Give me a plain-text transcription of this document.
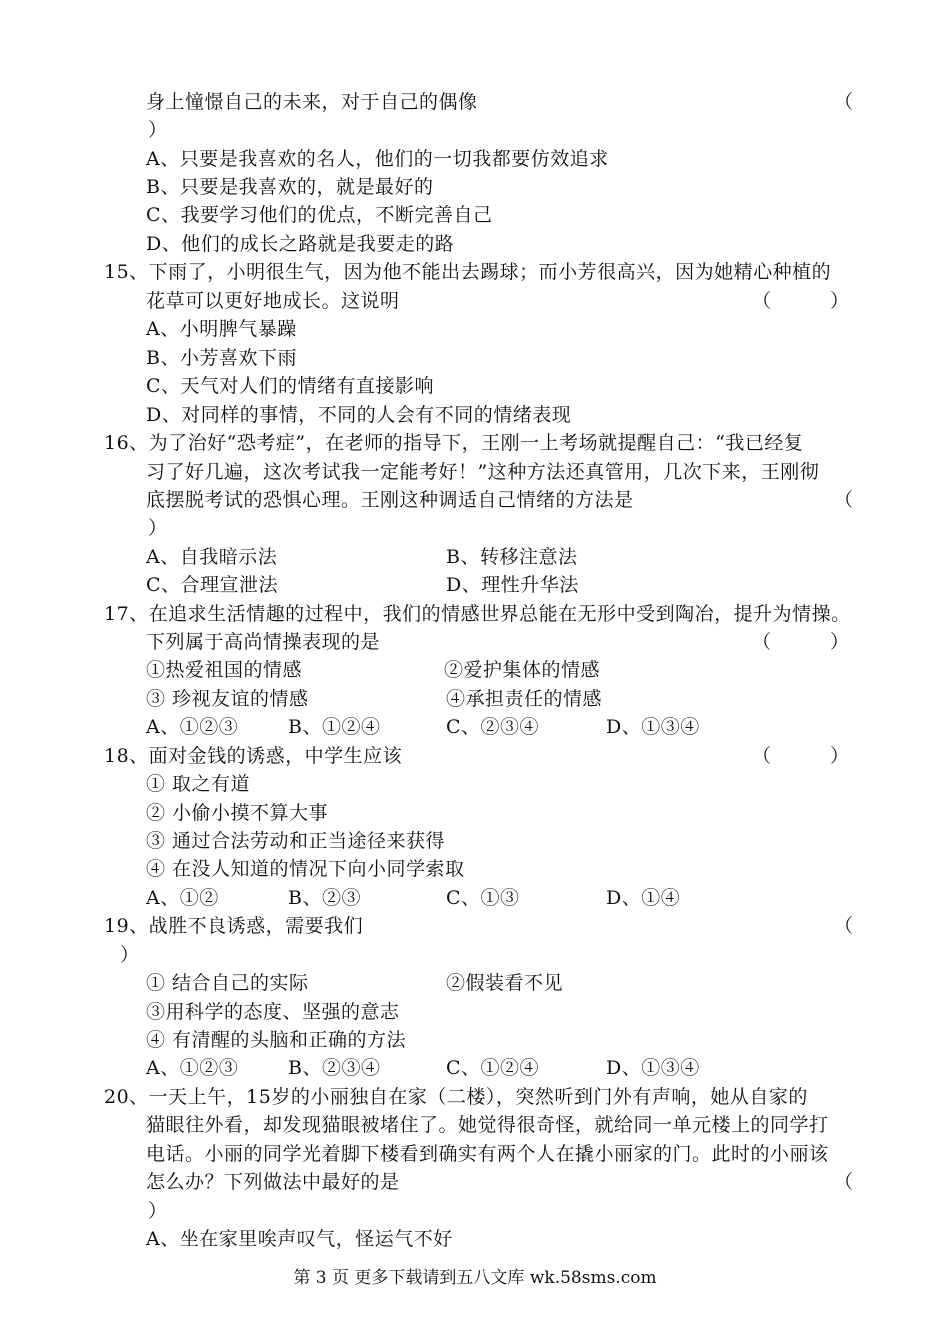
身上憧憬自己的未来，对于自己的偶像	（
）
A、只要是我喜欢的名人，他们的一切我都要仿效追求
B、只要是我喜欢的，就是最好的
C、我要学习他们的优点，不断完善自己
D、他们的成长之路就是我要走的路
15、下雨了，小明很生气，因为他不能出去踢球；而小芳很高兴，因为她精心种植的
花草可以更好地成长。这说明	（　　　）
A、小明脾气暴躁
B、小芳喜欢下雨
C、天气对人们的情绪有直接影响
D、对同样的事情，不同的人会有不同的情绪表现
16、为了治好“恐考症”，在老师的指导下，王刚一上考场就提醒自己：“我已经复
习了好几遍，这次考试我一定能考好！”这种方法还真管用，几次下来，王刚彻
底摆脱考试的恐惧心理。王刚这种调适自己情绪的方法是	（
）
A、自我暗示法	B、转移注意法
C、合理宣泄法	D、理性升华法
17、在追求生活情趣的过程中，我们的情感世界总能在无形中受到陶冶，提升为情操。
下列属于高尚情操表现的是	（　　　）
①热爱祖国的情感	②爱护集体的情感
③ 珍视友谊的情感	④承担责任的情感
A、①②③	B、①②④	C、②③④	D、①③④
18、面对金钱的诱惑，中学生应该	（　　　）
① 取之有道
② 小偷小摸不算大事
③ 通过合法劳动和正当途径来获得
④ 在没人知道的情况下向小同学索取
A、①②	B、②③	C、①③	D、①④
19、战胜不良诱惑，需要我们	（
）
① 结合自己的实际	②假装看不见
③用科学的态度、坚强的意志
④ 有清醒的头脑和正确的方法
A、①②③	B、②③④	C、①②④	D、①③④
20、一天上午，15岁的小丽独自在家（二楼），突然听到门外有声响，她从自家的
猫眼往外看，却发现猫眼被堵住了。她觉得很奇怪，就给同一单元楼上的同学打
电话。小丽的同学光着脚下楼看到确实有两个人在撬小丽家的门。此时的小丽该
怎么办？下列做法中最好的是	（
）
A、坐在家里唉声叹气，怪运气不好
第 3 页 更多下载请到五八文库 wk.58sms.com
